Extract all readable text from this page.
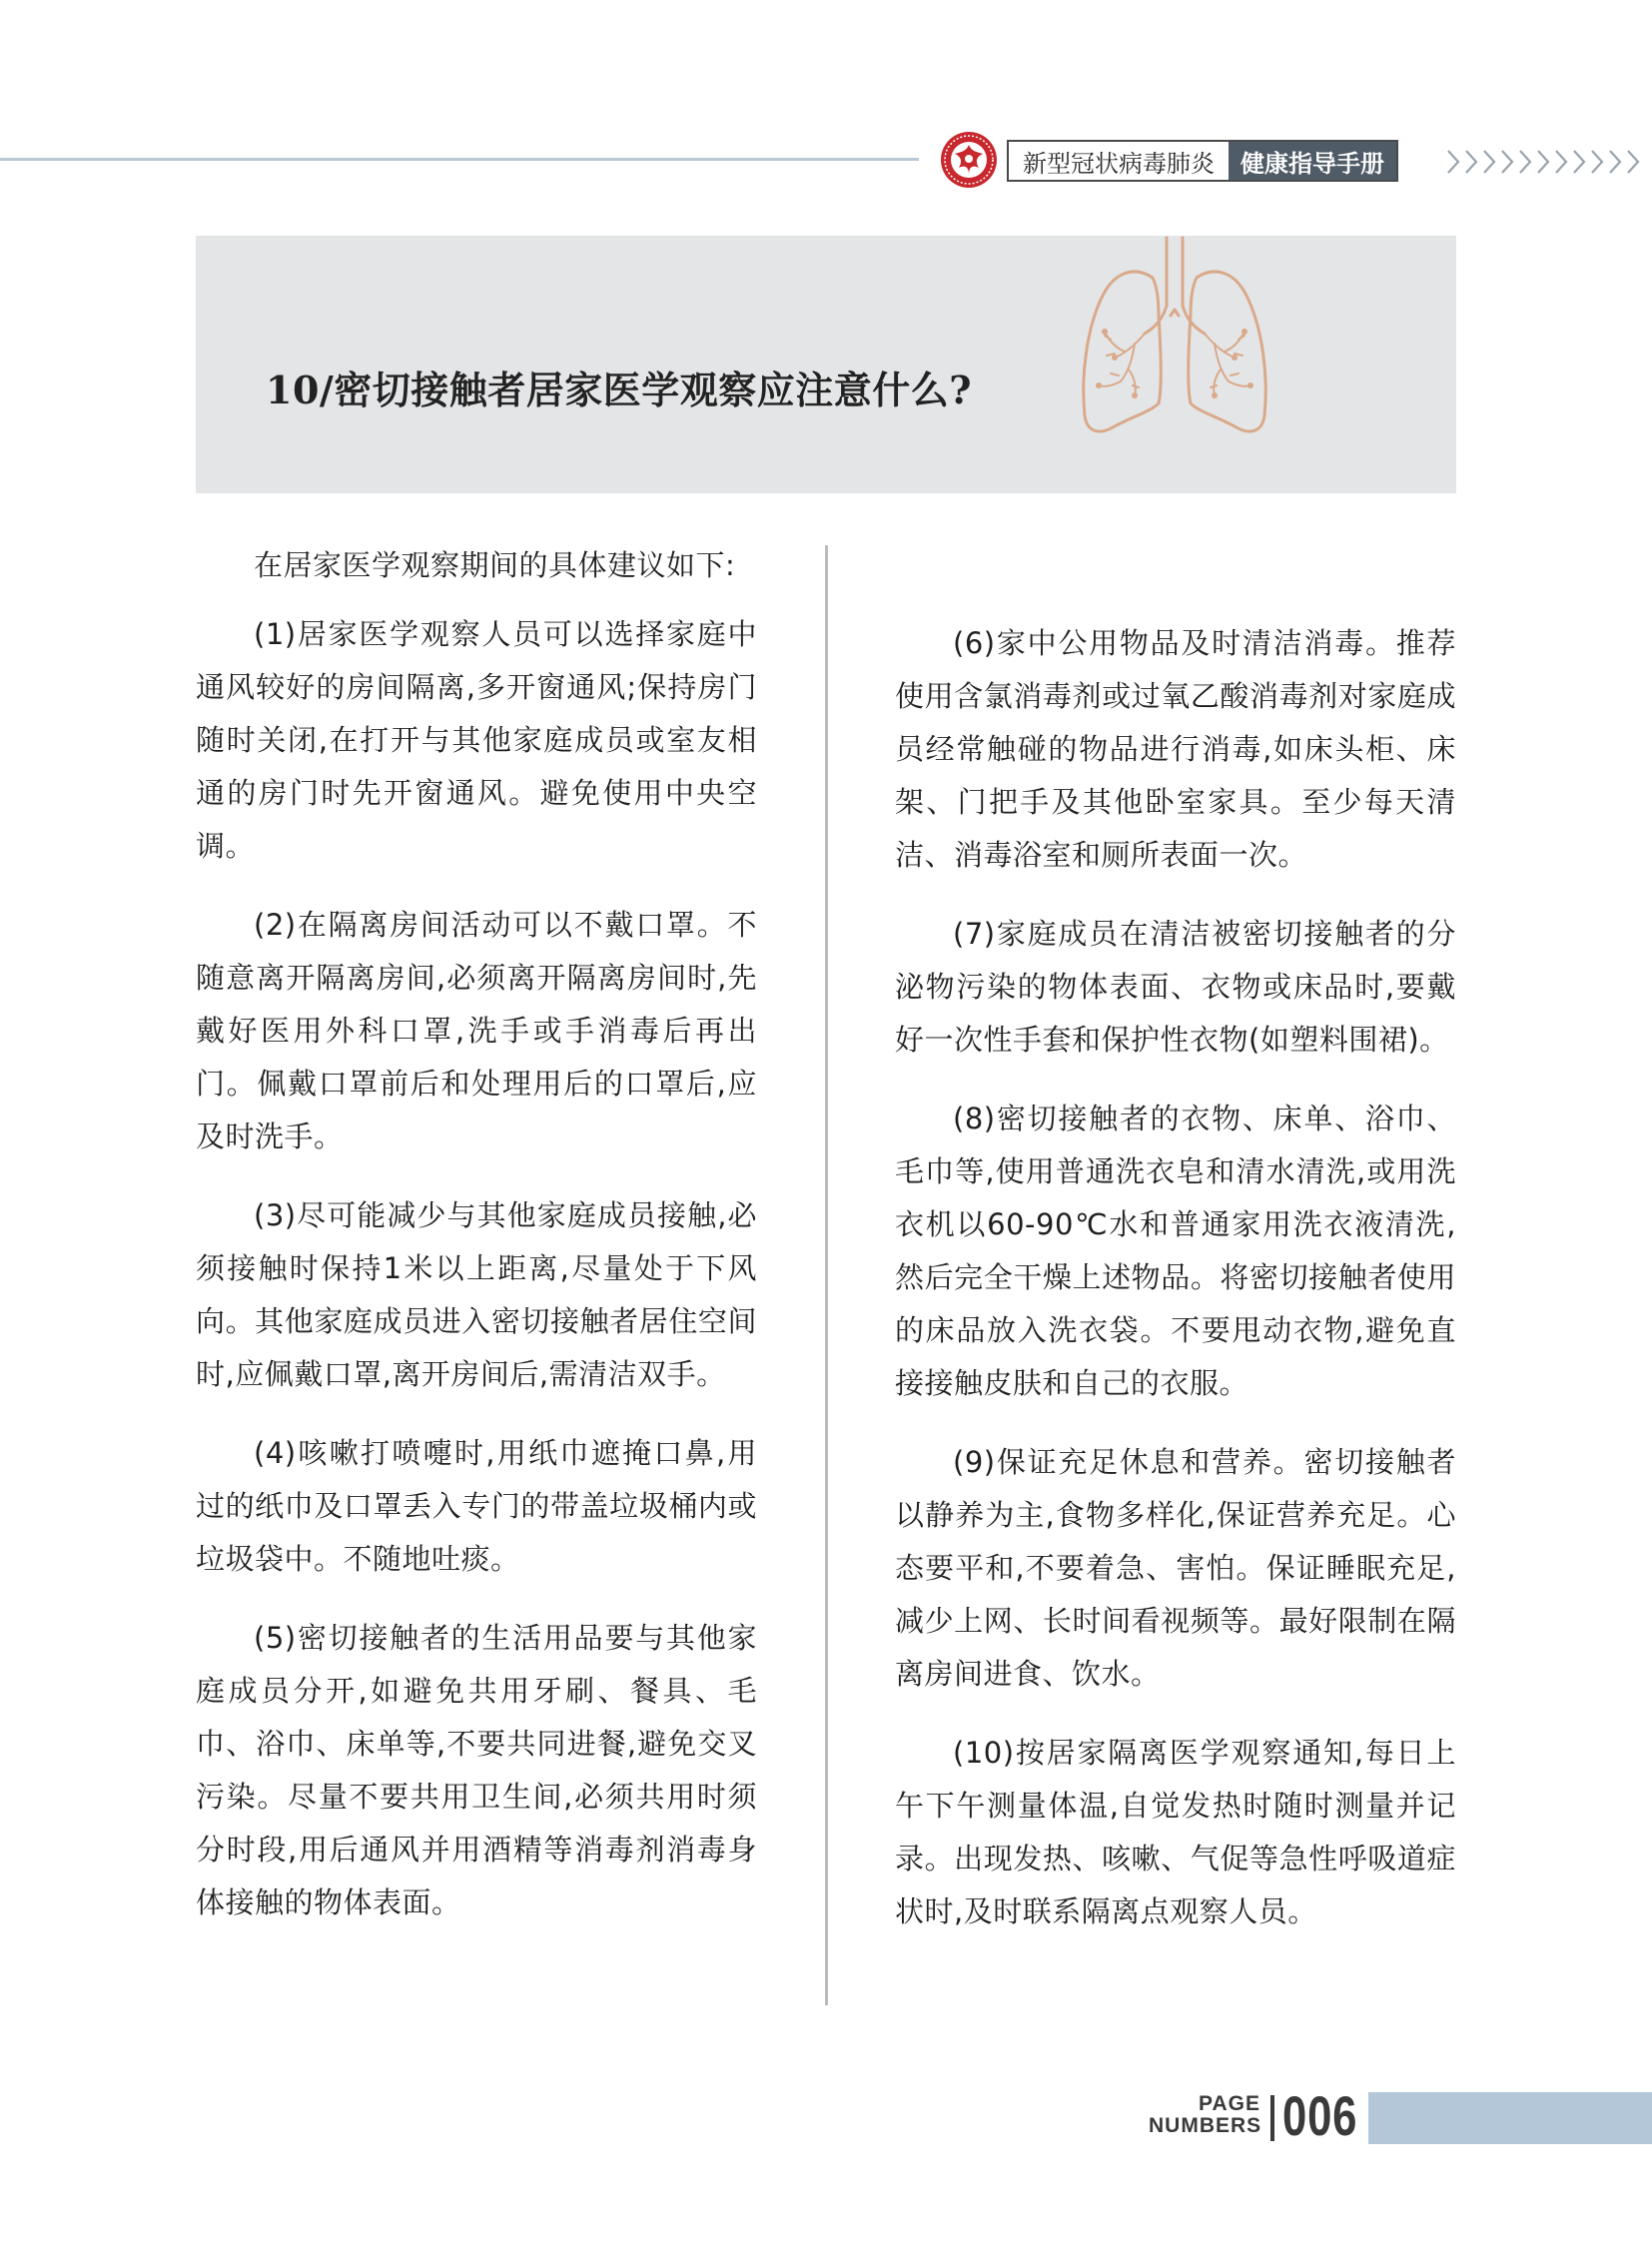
新型冠状病毒肺炎	健康指导手册
10/密切接触者居家医学观察应注意什么?

在居家医学观察期间的具体建议如下:

(1)居家医学观察人员可以选择家庭中通风较好的房间隔离,多开窗通风;保持房门随时关闭,在打开与其他家庭成员或室友相通的房门时先开窗通风。避免使用中央空调。

(2)在隔离房间活动可以不戴口罩。不随意离开隔离房间,必须离开隔离房间时,先戴好医用外科口罩,洗手或手消毒后再出门。佩戴口罩前后和处理用后的口罩后,应及时洗手。

(3)尽可能减少与其他家庭成员接触,必须接触时保持1米以上距离,尽量处于下风向。其他家庭成员进入密切接触者居住空间时,应佩戴口罩,离开房间后,需清洁双手。

(4)咳嗽打喷嚏时,用纸巾遮掩口鼻,用过的纸巾及口罩丢入专门的带盖垃圾桶内或垃圾袋中。不随地吐痰。

(5)密切接触者的生活用品要与其他家庭成员分开,如避免共用牙刷、餐具、毛巾、浴巾、床单等,不要共同进餐,避免交叉污染。尽量不要共用卫生间,必须共用时须分时段,用后通风并用酒精等消毒剂消毒身体接触的物体表面。

(6)家中公用物品及时清洁消毒。推荐使用含氯消毒剂或过氧乙酸消毒剂对家庭成员经常触碰的物品进行消毒,如床头柜、床架、门把手及其他卧室家具。至少每天清洁、消毒浴室和厕所表面一次。

(7)家庭成员在清洁被密切接触者的分泌物污染的物体表面、衣物或床品时,要戴好一次性手套和保护性衣物(如塑料围裙)。

(8)密切接触者的衣物、床单、浴巾、毛巾等,使用普通洗衣皂和清水清洗,或用洗衣机以60-90℃水和普通家用洗衣液清洗,然后完全干燥上述物品。将密切接触者使用的床品放入洗衣袋。不要甩动衣物,避免直接接触皮肤和自己的衣服。

(9)保证充足休息和营养。密切接触者以静养为主,食物多样化,保证营养充足。心态要平和,不要着急、害怕。保证睡眠充足,减少上网、长时间看视频等。最好限制在隔离房间进食、饮水。

(10)按居家隔离医学观察通知,每日上午下午测量体温,自觉发热时随时测量并记录。出现发热、咳嗽、气促等急性呼吸道症状时,及时联系隔离点观察人员。

PAGE
NUMBERS 006
